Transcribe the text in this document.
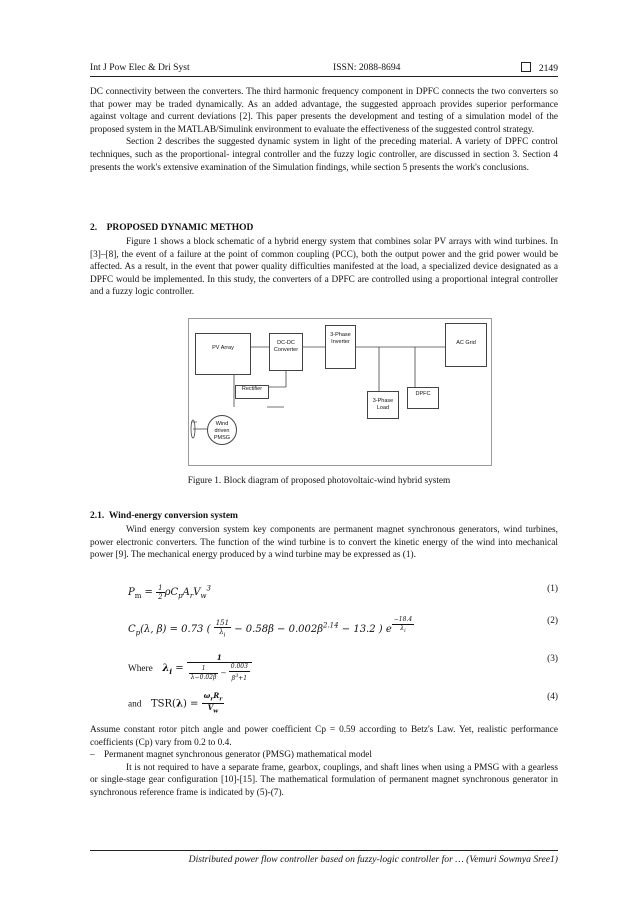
Int J Pow Elec & Dri Syst	ISSN: 2088-8694	2149

DC connectivity between the converters. The third harmonic frequency component in DPFC connects the two converters so that power may be traded dynamically. As an added advantage, the suggested approach provides superior performance against voltage and current deviations [2]. This paper presents the development and testing of a simulation model of the proposed system in the MATLAB/Simulink environment to evaluate the effectiveness of the suggested control strategy.

Section 2 describes the suggested dynamic system in light of the preceding material. A variety of DPFC control techniques, such as the proportional- integral controller and the fuzzy logic controller, are discussed in section 3. Section 4 presents the work's extensive examination of the Simulation findings, while section 5 presents the work's conclusions.

2.    PROPOSED DYNAMIC METHOD

Figure 1 shows a block schematic of a hybrid energy system that combines solar PV arrays with wind turbines. In [3]–[8], the event of a failure at the point of common coupling (PCC), both the output power and the grid power would be affected. As a result, in the event that power quality difficulties manifested at the load, a specialized device designated as a DPFC would be implemented. In this study, the converters of a DPFC are controlled using a proportional integral controller and a fuzzy logic controller.

PV Array
DC-DC Converter
3-Phase Inverter	AC Grid
Rectifier
3-Phase Load
DPFC
Wind driven PMSG
Figure 1. Block diagram of proposed photovoltaic-wind hybrid system
2.1.  Wind-energy conversion system

Wind energy conversion system key components are permanent magnet synchronous generators, wind turbines, power electronic converters. The function of the wind turbine is to convert the kinetic energy of the wind into mechanical power [9]. The mechanical energy produced by a wind turbine may be expressed as (1).

$P_m = \frac{1}{2} \rho C_pA_rV_w^3$	(1)
$C_p(\lambda$, β) = 0.73 ( $\frac{151}{\lambda_i} - 0.58\beta - 0.002\beta^{2.14} - 13.2$ ) e $^{\frac{-18.4}{\lambda_i}}$	(2)
Where $\lambda_i = \frac{1}{\frac{1}{\lambda-0.02\beta} - \frac{0.003}{\beta^3+1}}$	(3)
and $TSR(\lambda) = \frac{\omega_rR_r}{V_w}$	(4)

Assume constant rotor pitch angle and power coefficient Cp = 0.59 according to Betz's Law. Yet, realistic performance coefficients (Cp) vary from 0.2 to 0.4.

– Permanent magnet synchronous generator (PMSG) mathematical model

It is not required to have a separate frame, gearbox, couplings, and shaft lines when using a PMSG with a gearless or single-stage gear configuration [10]-[15]. The mathematical formulation of permanent magnet synchronous generator in synchronous reference frame is indicated by (5)-(7).

Distributed power flow controller based on fuzzy-logic controller for … (Vemuri Sowmya Sree1)
